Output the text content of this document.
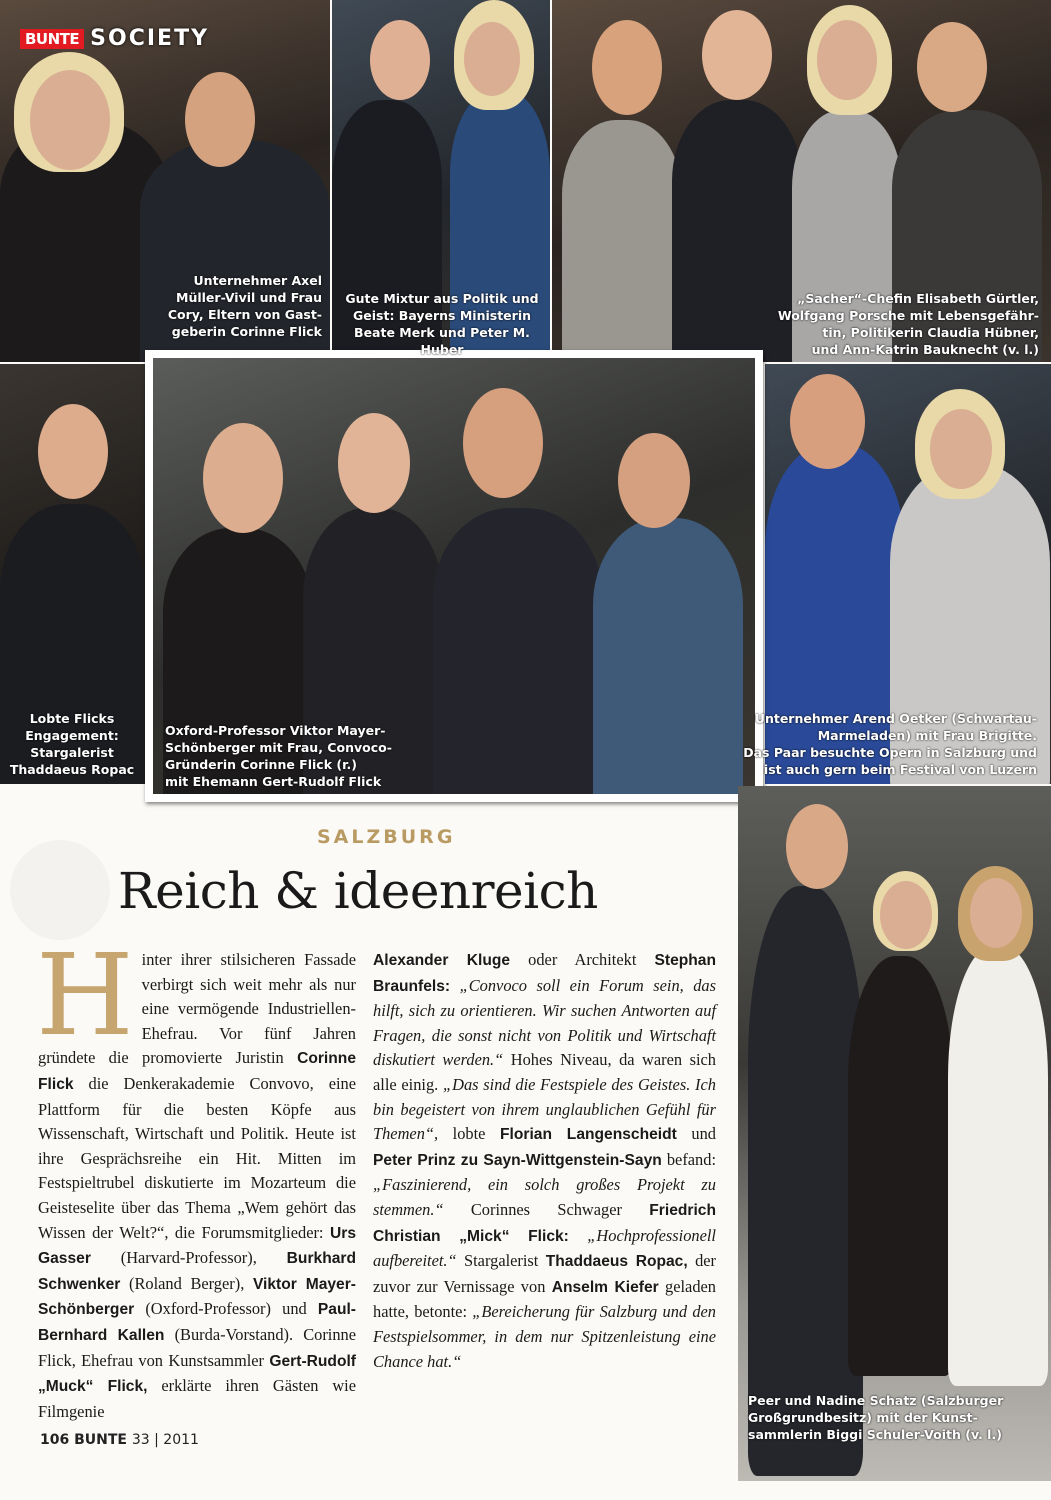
BUNTE SOCIETY
Unternehmer Axel
Müller-Vivil und Frau
Cory, Eltern von Gast-
geberin Corinne Flick
Gute Mixtur aus Politik und
Geist: Bayerns Ministerin
Beate Merk und Peter M. Huber
„Sacher“-Chefin Elisabeth Gürtler,
Wolfgang Porsche mit Lebensgefähr-
tin, Politikerin Claudia Hübner,
und Ann-Katrin Bauknecht (v. l.)
Lobte Flicks
Engagement:
Stargalerist
Thaddaeus Ropac
Oxford-Professor Viktor Mayer-
Schönberger mit Frau, Convoco-
Gründerin Corinne Flick (r.)
mit Ehemann Gert-Rudolf Flick
Unternehmer Arend Oetker (Schwartau-
Marmeladen) mit Frau Brigitte.
Das Paar besuchte Opern in Salzburg und
ist auch gern beim Festival von Luzern
Peer und Nadine Schatz (Salzburger
Großgrundbesitz) mit der Kunst-
sammlerin Biggi Schuler-Voith (v. l.)
SALZBURG
Reich & ideenreich
H inter ihrer stilsicheren Fassade verbirgt sich weit mehr als nur eine vermögende Industriellen-Ehefrau. Vor fünf Jahren gründete die promovierte Juristin Corinne Flick die Denkerakademie Convovo, eine Plattform für die besten Köpfe aus Wissenschaft, Wirtschaft und Politik. Heute ist ihre Gesprächsreihe ein Hit. Mitten im Festspieltrubel diskutierte im Mozarteum die Geisteselite über das Thema „Wem gehört das Wissen der Welt?“, die Forumsmitglieder: Urs Gasser (Harvard-Professor), Burkhard Schwenker (Roland Berger), Viktor Mayer-Schönberger (Oxford-Professor) und Paul-Bernhard Kallen (Burda-Vorstand). Corinne Flick, Ehefrau von Kunstsammler Gert-Rudolf „Muck“ Flick, erklärte ihren Gästen wie Filmgenie
Alexander Kluge oder Architekt Stephan Braunfels: „Convoco soll ein Forum sein, das hilft, sich zu orientieren. Wir suchen Antworten auf Fragen, die sonst nicht von Politik und Wirtschaft diskutiert werden.“ Hohes Niveau, da waren sich alle einig. „Das sind die Festspiele des Geistes. Ich bin begeistert von ihrem unglaublichen Gefühl für Themen“, lobte Florian Langenscheidt und Peter Prinz zu Sayn-Wittgenstein-Sayn befand: „Faszinierend, ein solch großes Projekt zu stemmen.“ Corinnes Schwager Friedrich Christian „Mick“ Flick: „Hochprofessionell aufbereitet.“ Stargalerist Thaddaeus Ropac, der zuvor zur Vernissage von Anselm Kiefer geladen hatte, betonte: „Bereicherung für Salzburg und den Festspielsommer, in dem nur Spitzenleistung eine Chance hat.“
106 BUNTE 33 | 2011
